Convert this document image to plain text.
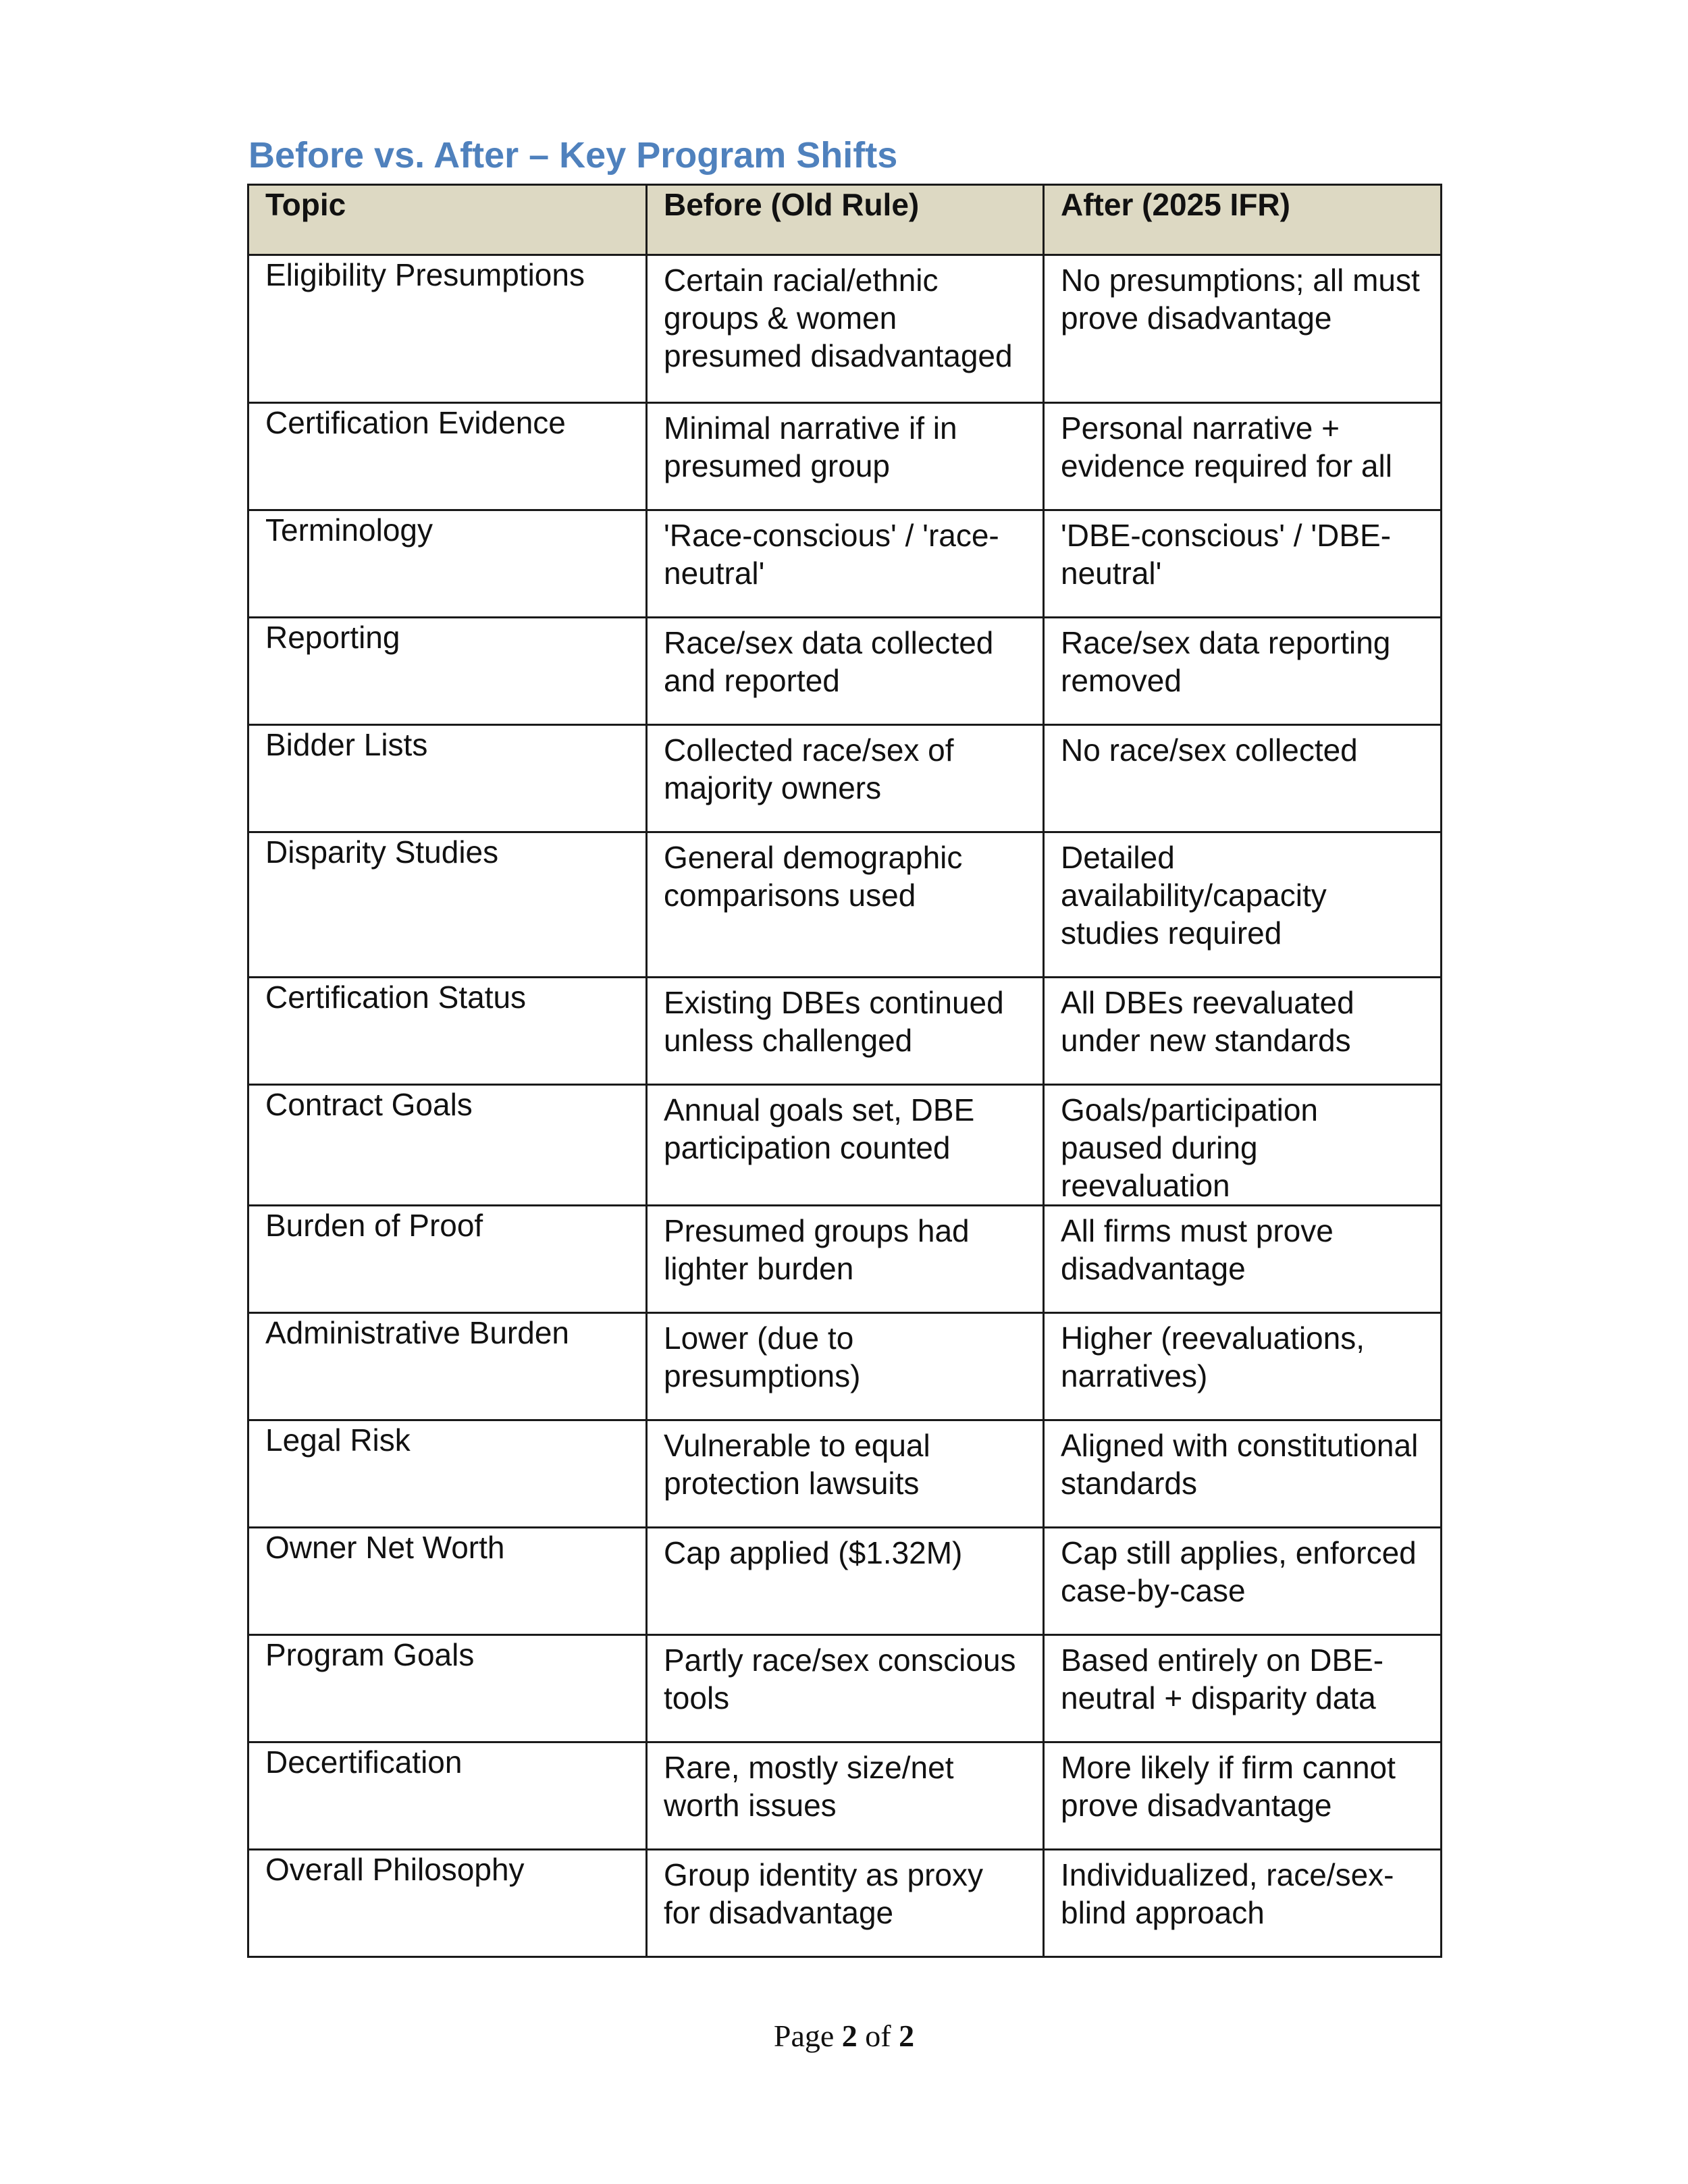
Before vs. After – Key Program Shifts
Topic	Before (Old Rule)	After (2025 IFR)
Eligibility Presumptions	Certain racial/ethnic groups & women presumed disadvantaged	No presumptions; all must prove disadvantage
Certification Evidence	Minimal narrative if in presumed group	Personal narrative + evidence required for all
Terminology	'Race-conscious' / 'race-neutral'	'DBE-conscious' / 'DBE-neutral'
Reporting	Race/sex data collected and reported	Race/sex data reporting removed
Bidder Lists	Collected race/sex of majority owners	No race/sex collected
Disparity Studies	General demographic comparisons used	Detailed availability/capacity studies required
Certification Status	Existing DBEs continued unless challenged	All DBEs reevaluated under new standards
Contract Goals	Annual goals set, DBE participation counted	Goals/participation paused during reevaluation
Burden of Proof	Presumed groups had lighter burden	All firms must prove disadvantage
Administrative Burden	Lower (due to presumptions)	Higher (reevaluations, narratives)
Legal Risk	Vulnerable to equal protection lawsuits	Aligned with constitutional standards
Owner Net Worth	Cap applied ($1.32M)	Cap still applies, enforced case-by-case
Program Goals	Partly race/sex conscious tools	Based entirely on DBE-neutral + disparity data
Decertification	Rare, mostly size/net worth issues	More likely if firm cannot prove disadvantage
Overall Philosophy	Group identity as proxy for disadvantage	Individualized, race/sex-blind approach
Page 2 of 2
